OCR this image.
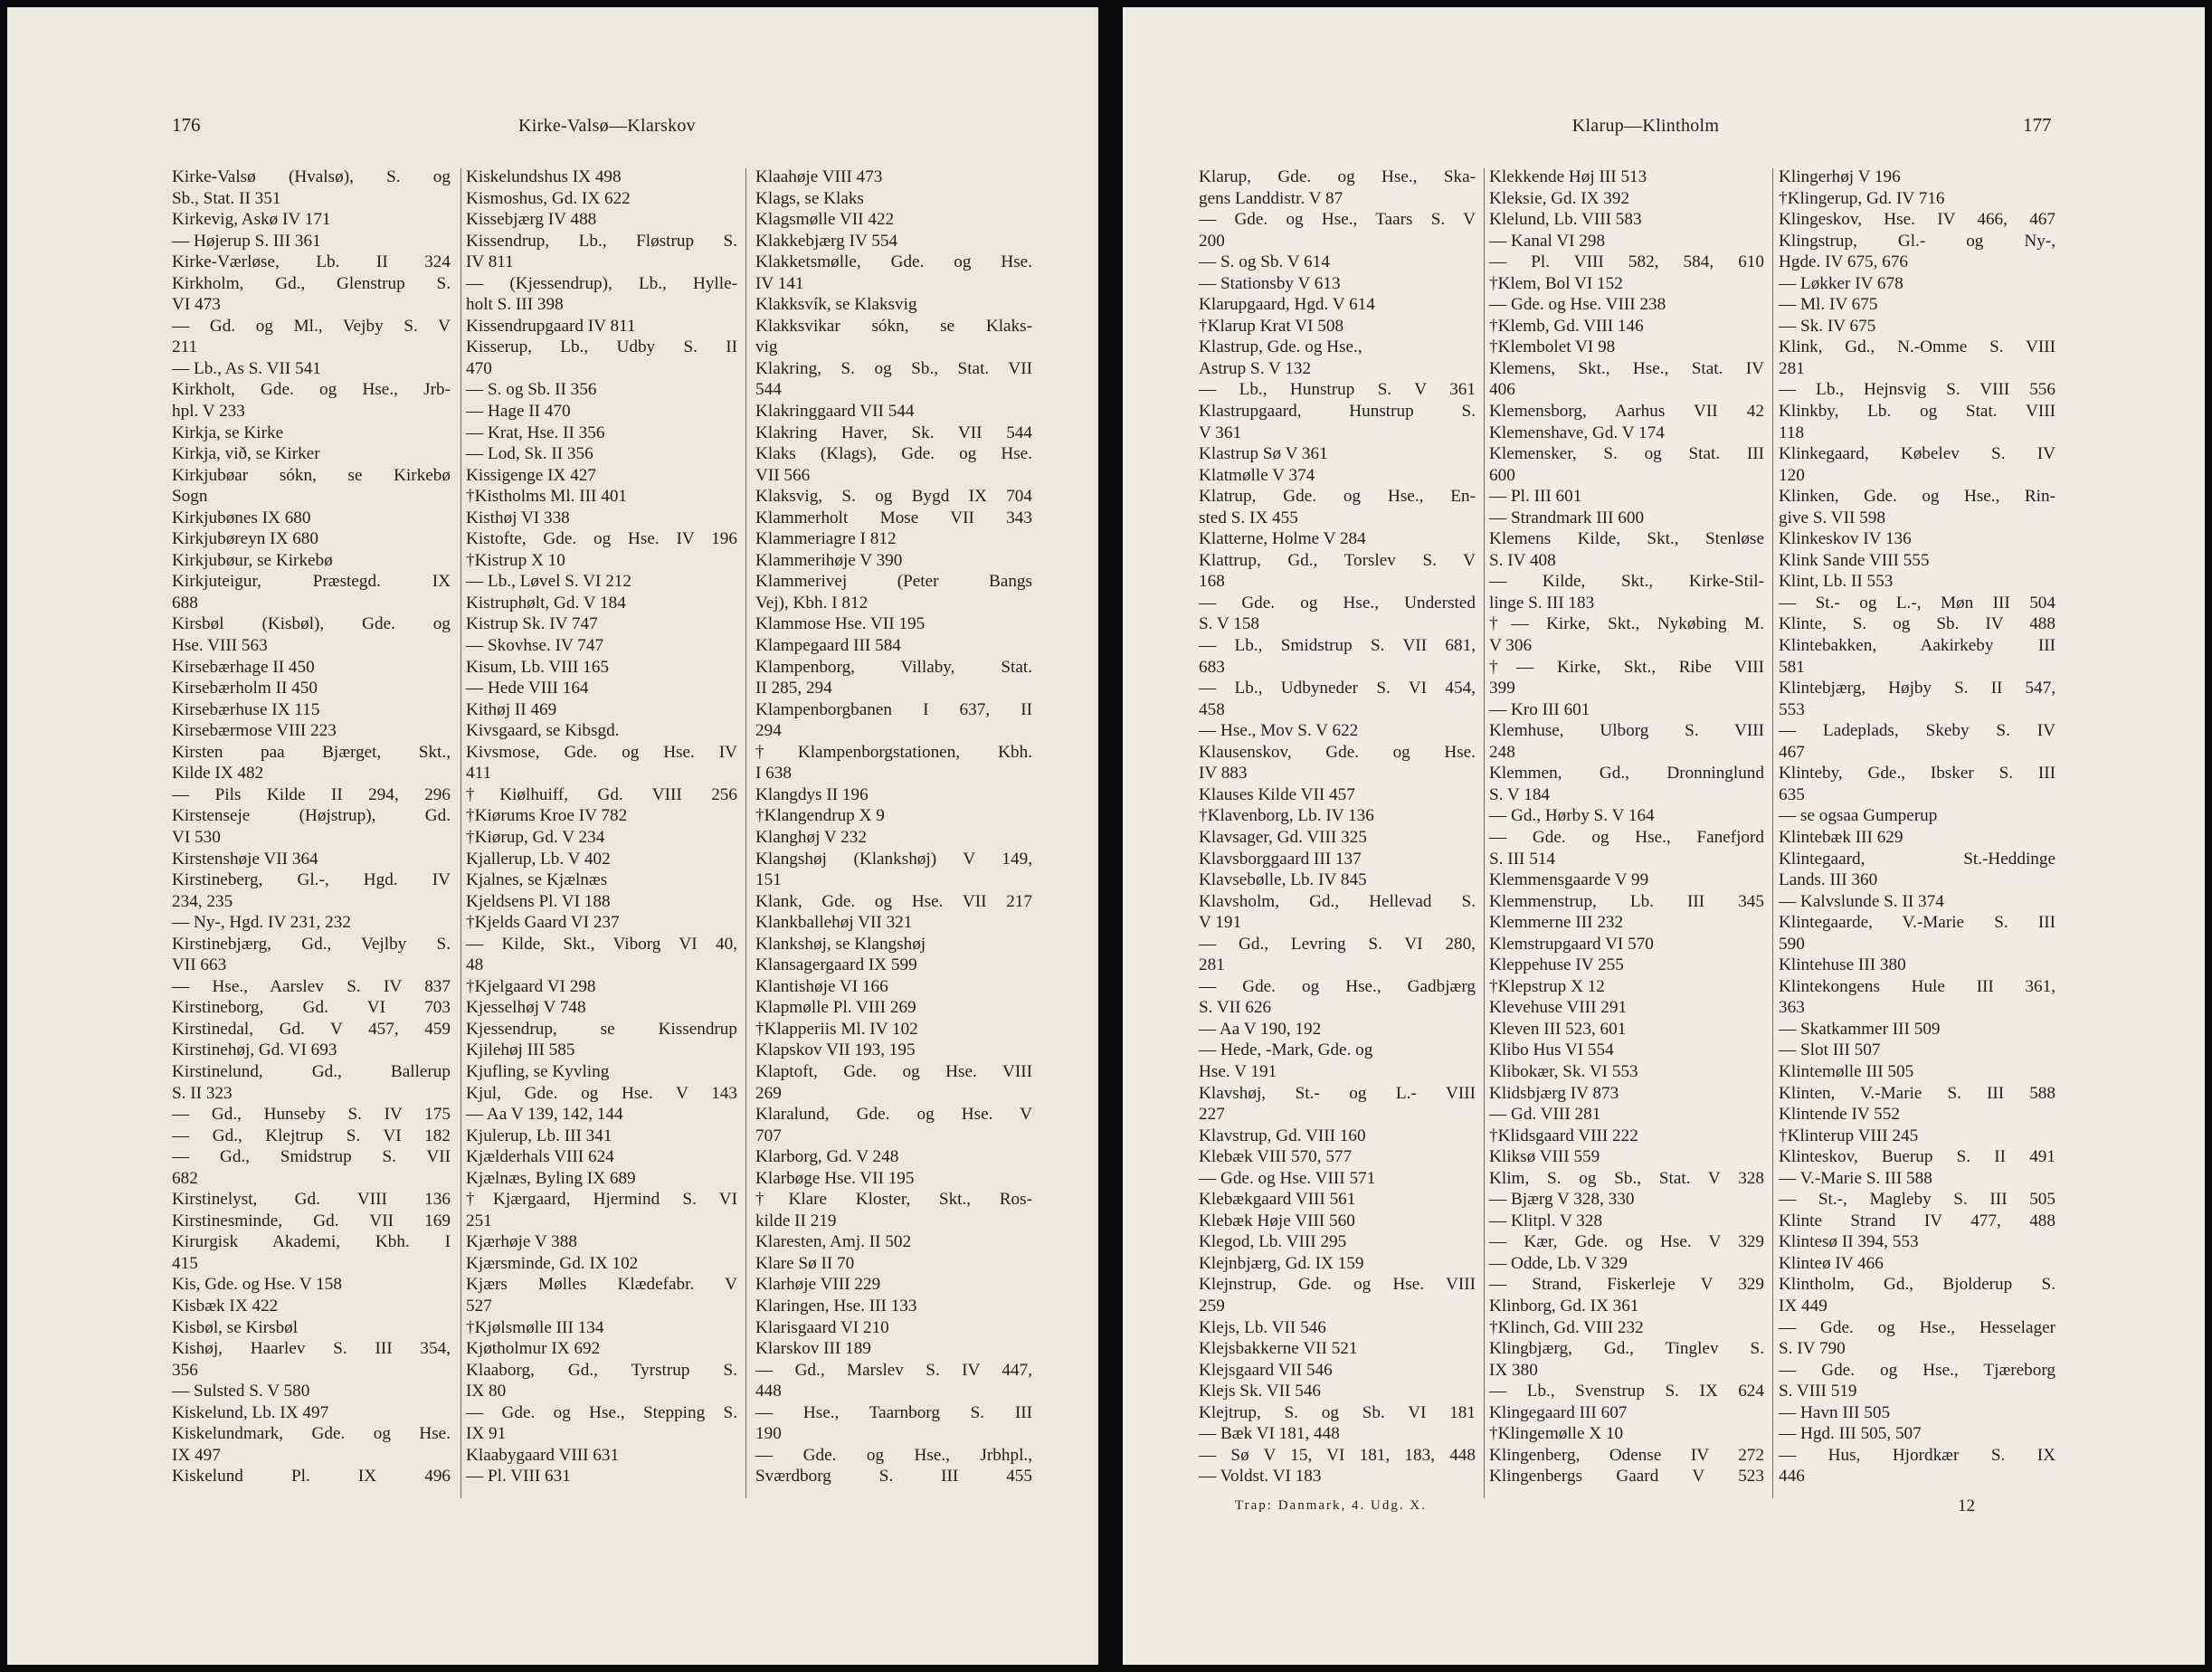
176	Kirke-Valsø—Klarskov
Kirke-Valsø (Hvalsø), S. og
Sb., Stat. II 351
Kirkevig, Askø IV 171
— Højerup S. III 361
Kirke-Værløse, Lb. II 324
Kirkholm, Gd., Glenstrup S.
VI 473
— Gd. og Ml., Vejby S. V
211
— Lb., As S. VII 541
Kirkholt, Gde. og Hse., Jrb-
hpl. V 233
Kirkja, se Kirke
Kirkja, við, se Kirker
Kirkjubøar sókn, se Kirkebø
Sogn
Kirkjubønes IX 680
Kirkjubøreyn IX 680
Kirkjubøur, se Kirkebø
Kirkjuteigur, Præstegd. IX
688
Kirsbøl (Kisbøl), Gde. og
Hse. VIII 563
Kirsebærhage II 450
Kirsebærholm II 450
Kirsebærhuse IX 115
Kirsebærmose VIII 223
Kirsten paa Bjærget, Skt.,
Kilde IX 482
— Pils Kilde II 294, 296
Kirstenseje (Højstrup), Gd.
VI 530
Kirstenshøje VII 364
Kirstineberg, Gl.-, Hgd. IV
234, 235
— Ny-, Hgd. IV 231, 232
Kirstinebjærg, Gd., Vejlby S.
VII 663
— Hse., Aarslev S. IV 837
Kirstineborg, Gd. VI 703
Kirstinedal, Gd. V 457, 459
Kirstinehøj, Gd. VI 693
Kirstinelund, Gd., Ballerup
S. II 323
— Gd., Hunseby S. IV 175
— Gd., Klejtrup S. VI 182
— Gd., Smidstrup S. VII
682
Kirstinelyst, Gd. VIII 136
Kirstinesminde, Gd. VII 169
Kirurgisk Akademi, Kbh. I
415
Kis, Gde. og Hse. V 158
Kisbæk IX 422
Kisbøl, se Kirsbøl
Kishøj, Haarlev S. III 354,
356
— Sulsted S. V 580
Kiskelund, Lb. IX 497
Kiskelundmark, Gde. og Hse.
IX 497
Kiskelund Pl. IX 496
Kiskelundshus IX 498
Kismoshus, Gd. IX 622
Kissebjærg IV 488
Kissendrup, Lb., Fløstrup S.
IV 811
— (Kjessendrup), Lb., Hylle-
holt S. III 398
Kissendrupgaard IV 811
Kisserup, Lb., Udby S. II
470
— S. og Sb. II 356
— Hage II 470
— Krat, Hse. II 356
— Lod, Sk. II 356
Kissigenge IX 427
†Kistholms Ml. III 401
Kisthøj VI 338
Kistofte, Gde. og Hse. IV 196
†Kistrup X 10
— Lb., Løvel S. VI 212
Kistruphølt, Gd. V 184
Kistrup Sk. IV 747
— Skovhse. IV 747
Kisum, Lb. VIII 165
— Hede VIII 164
Kithøj II 469
Kivsgaard, se Kibsgd.
Kivsmose, Gde. og Hse. IV
411
†Kiølhuiff, Gd. VIII 256
†Kiørums Kroe IV 782
†Kiørup, Gd. V 234
Kjallerup, Lb. V 402
Kjalnes, se Kjælnæs
Kjeldsens Pl. VI 188
†Kjelds Gaard VI 237
— Kilde, Skt., Viborg VI 40,
48
†Kjelgaard VI 298
Kjesselhøj V 748
Kjessendrup, se Kissendrup
Kjilehøj III 585
Kjufling, se Kyvling
Kjul, Gde. og Hse. V 143
— Aa V 139, 142, 144
Kjulerup, Lb. III 341
Kjælderhals VIII 624
Kjælnæs, Byling IX 689
†Kjærgaard, Hjermind S. VI
251
Kjærhøje V 388
Kjærsminde, Gd. IX 102
Kjærs Mølles Klædefabr. V
527
†Kjølsmølle III 134
Kjøtholmur IX 692
Klaaborg, Gd., Tyrstrup S.
IX 80
— Gde. og Hse., Stepping S.
IX 91
Klaabygaard VIII 631
— Pl. VIII 631
Klaahøje VIII 473
Klags, se Klaks
Klagsmølle VII 422
Klakkebjærg IV 554
Klakketsmølle, Gde. og Hse.
IV 141
Klakksvík, se Klaksvig
Klakksvikar sókn, se Klaks-
vig
Klakring, S. og Sb., Stat. VII
544
Klakringgaard VII 544
Klakring Haver, Sk. VII 544
Klaks (Klags), Gde. og Hse.
VII 566
Klaksvig, S. og Bygd IX 704
Klammerholt Mose VII 343
Klammeriagre I 812
Klammerihøje V 390
Klammerivej (Peter Bangs
Vej), Kbh. I 812
Klammose Hse. VII 195
Klampegaard III 584
Klampenborg, Villaby, Stat.
II 285, 294
Klampenborgbanen I 637, II
294
†Klampenborgstationen, Kbh.
I 638
Klangdys II 196
†Klangendrup X 9
Klanghøj V 232
Klangshøj (Klankshøj) V 149,
151
Klank, Gde. og Hse. VII 217
Klankballehøj VII 321
Klankshøj, se Klangshøj
Klansagergaard IX 599
Klantishøje VI 166
Klapmølle Pl. VIII 269
†Klapperiis Ml. IV 102
Klapskov VII 193, 195
Klaptoft, Gde. og Hse. VIII
269
Klaralund, Gde. og Hse. V
707
Klarborg, Gd. V 248
Klarbøge Hse. VII 195
†Klare Kloster, Skt., Ros-
kilde II 219
Klaresten, Amj. II 502
Klare Sø II 70
Klarhøje VIII 229
Klaringen, Hse. III 133
Klarisgaard VI 210
Klarskov III 189
— Gd., Marslev S. IV 447,
448
— Hse., Taarnborg S. III
190
— Gde. og Hse., Jrbhpl.,
Sværdborg S. III 455
Klarup—Klintholm	177
Klarup, Gde. og Hse., Ska-
gens Landdistr. V 87
— Gde. og Hse., Taars S. V
200
— S. og Sb. V 614
— Stationsby V 613
Klarupgaard, Hgd. V 614
†Klarup Krat VI 508
Klastrup, Gde. og Hse.,
Astrup S. V 132
— Lb., Hunstrup S. V 361
Klastrupgaard, Hunstrup S.
V 361
Klastrup Sø V 361
Klatmølle V 374
Klatrup, Gde. og Hse., En-
sted S. IX 455
Klatterne, Holme V 284
Klattrup, Gd., Torslev S. V
168
— Gde. og Hse., Understed
S. V 158
— Lb., Smidstrup S. VII 681,
683
— Lb., Udbyneder S. VI 454,
458
— Hse., Mov S. V 622
Klausenskov, Gde. og Hse.
IV 883
Klauses Kilde VII 457
†Klavenborg, Lb. IV 136
Klavsager, Gd. VIII 325
Klavsborggaard III 137
Klavsebølle, Lb. IV 845
Klavsholm, Gd., Hellevad S.
V 191
— Gd., Levring S. VI 280,
281
— Gde. og Hse., Gadbjærg
S. VII 626
— Aa V 190, 192
— Hede, -Mark, Gde. og
Hse. V 191
Klavshøj, St.- og L.- VIII
227
Klavstrup, Gd. VIII 160
Klebæk VIII 570, 577
— Gde. og Hse. VIII 571
Klebækgaard VIII 561
Klebæk Høje VIII 560
Klegod, Lb. VIII 295
Klejnbjærg, Gd. IX 159
Klejnstrup, Gde. og Hse. VIII
259
Klejs, Lb. VII 546
Klejsbakkerne VII 521
Klejsgaard VII 546
Klejs Sk. VII 546
Klejtrup, S. og Sb. VI 181
— Bæk VI 181, 448
— Sø V 15, VI 181, 183, 448
— Voldst. VI 183
Klekkende Høj III 513
Kleksie, Gd. IX 392
Klelund, Lb. VIII 583
— Kanal VI 298
— Pl. VIII 582, 584, 610
†Klem, Bol VI 152
— Gde. og Hse. VIII 238
†Klemb, Gd. VIII 146
†Klembolet VI 98
Klemens, Skt., Hse., Stat. IV
406
Klemensborg, Aarhus VII 42
Klemenshave, Gd. V 174
Klemensker, S. og Stat. III
600
— Pl. III 601
— Strandmark III 600
Klemens Kilde, Skt., Stenløse
S. IV 408
— Kilde, Skt., Kirke-Stil-
linge S. III 183
†— Kirke, Skt., Nykøbing M.
V 306
†— Kirke, Skt., Ribe VIII
399
— Kro III 601
Klemhuse, Ulborg S. VIII
248
Klemmen, Gd., Dronninglund
S. V 184
— Gd., Hørby S. V 164
— Gde. og Hse., Fanefjord
S. III 514
Klemmensgaarde V 99
Klemmenstrup, Lb. III 345
Klemmerne III 232
Klemstrupgaard VI 570
Kleppehuse IV 255
†Klepstrup X 12
Klevehuse VIII 291
Kleven III 523, 601
Klibo Hus VI 554
Klibokær, Sk. VI 553
Klidsbjærg IV 873
— Gd. VIII 281
†Klidsgaard VIII 222
Kliksø VIII 559
Klim, S. og Sb., Stat. V 328
— Bjærg V 328, 330
— Klitpl. V 328
— Kær, Gde. og Hse. V 329
— Odde, Lb. V 329
— Strand, Fiskerleje V 329
Klinborg, Gd. IX 361
†Klinch, Gd. VIII 232
Klingbjærg, Gd., Tinglev S.
IX 380
— Lb., Svenstrup S. IX 624
Klingegaard III 607
†Klingemølle X 10
Klingenberg, Odense IV 272
Klingenbergs Gaard V 523
Klingerhøj V 196
†Klingerup, Gd. IV 716
Klingeskov, Hse. IV 466, 467
Klingstrup, Gl.- og Ny-,
Hgde. IV 675, 676
— Løkker IV 678
— Ml. IV 675
— Sk. IV 675
Klink, Gd., N.-Omme S. VIII
281
— Lb., Hejnsvig S. VIII 556
Klinkby, Lb. og Stat. VIII
118
Klinkegaard, Købelev S. IV
120
Klinken, Gde. og Hse., Rin-
give S. VII 598
Klinkeskov IV 136
Klink Sande VIII 555
Klint, Lb. II 553
— St.- og L.-, Møn III 504
Klinte, S. og Sb. IV 488
Klintebakken, Aakirkeby III
581
Klintebjærg, Højby S. II 547,
553
— Ladeplads, Skeby S. IV
467
Klinteby, Gde., Ibsker S. III
635
— se ogsaa Gumperup
Klintebæk III 629
Klintegaard, St.-Heddinge
Lands. III 360
— Kalvslunde S. II 374
Klintegaarde, V.-Marie S. III
590
Klintehuse III 380
Klintekongens Hule III 361,
363
— Skatkammer III 509
— Slot III 507
Klintemølle III 505
Klinten, V.-Marie S. III 588
Klintende IV 552
†Klinterup VIII 245
Klinteskov, Buerup S. II 491
— V.-Marie S. III 588
— St.-, Magleby S. III 505
Klinte Strand IV 477, 488
Klintesø II 394, 553
Klinteø IV 466
Klintholm, Gd., Bjolderup S.
IX 449
— Gde. og Hse., Hesselager
S. IV 790
— Gde. og Hse., Tjæreborg
S. VIII 519
— Havn III 505
— Hgd. III 505, 507
— Hus, Hjordkær S. IX
446
Trap: Danmark, 4. Udg. X.	12
